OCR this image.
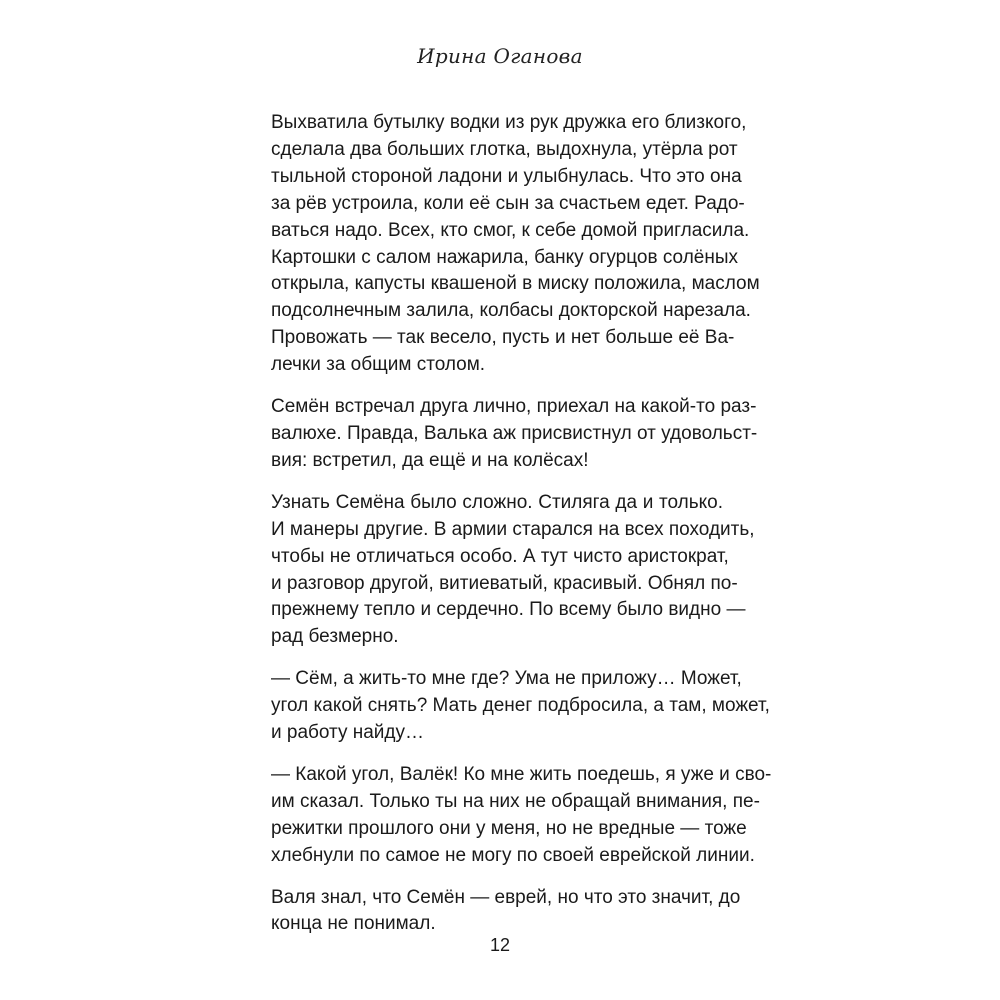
Ирина Оганова

Выхватила бутылку водки из рук дружка его близкого,
сделала два больших глотка, выдохнула, утёрла рот
тыльной стороной ладони и улыбнулась. Что это она
за рёв устроила, коли её сын за счастьем едет. Радо-
ваться надо. Всех, кто смог, к себе домой пригласила.
Картошки с салом нажарила, банку огурцов солёных
открыла, капусты квашеной в миску положила, маслом
подсолнечным залила, колбасы докторской нарезала.
Провожать — так весело, пусть и нет больше её Ва-
лечки за общим столом.

Семён встречал друга лично, приехал на какой-то раз-
валюхе. Правда, Валька аж присвистнул от удовольст-
вия: встретил, да ещё и на колёсах!

Узнать Семёна было сложно. Стиляга да и только.
И манеры другие. В армии старался на всех походить,
чтобы не отличаться особо. А тут чисто аристократ,
и разговор другой, витиеватый, красивый. Обнял по-
прежнему тепло и сердечно. По всему было видно —
рад безмерно.

— Сём, а жить-то мне где? Ума не приложу… Может,
угол какой снять? Мать денег подбросила, а там, может,
и работу найду…

— Какой угол, Валёк! Ко мне жить поедешь, я уже и сво-
им сказал. Только ты на них не обращай внимания, пе-
режитки прошлого они у меня, но не вредные — тоже
хлебнули по самое не могу по своей еврейской линии.

Валя знал, что Семён — еврей, но что это значит, до
конца не понимал.

12
